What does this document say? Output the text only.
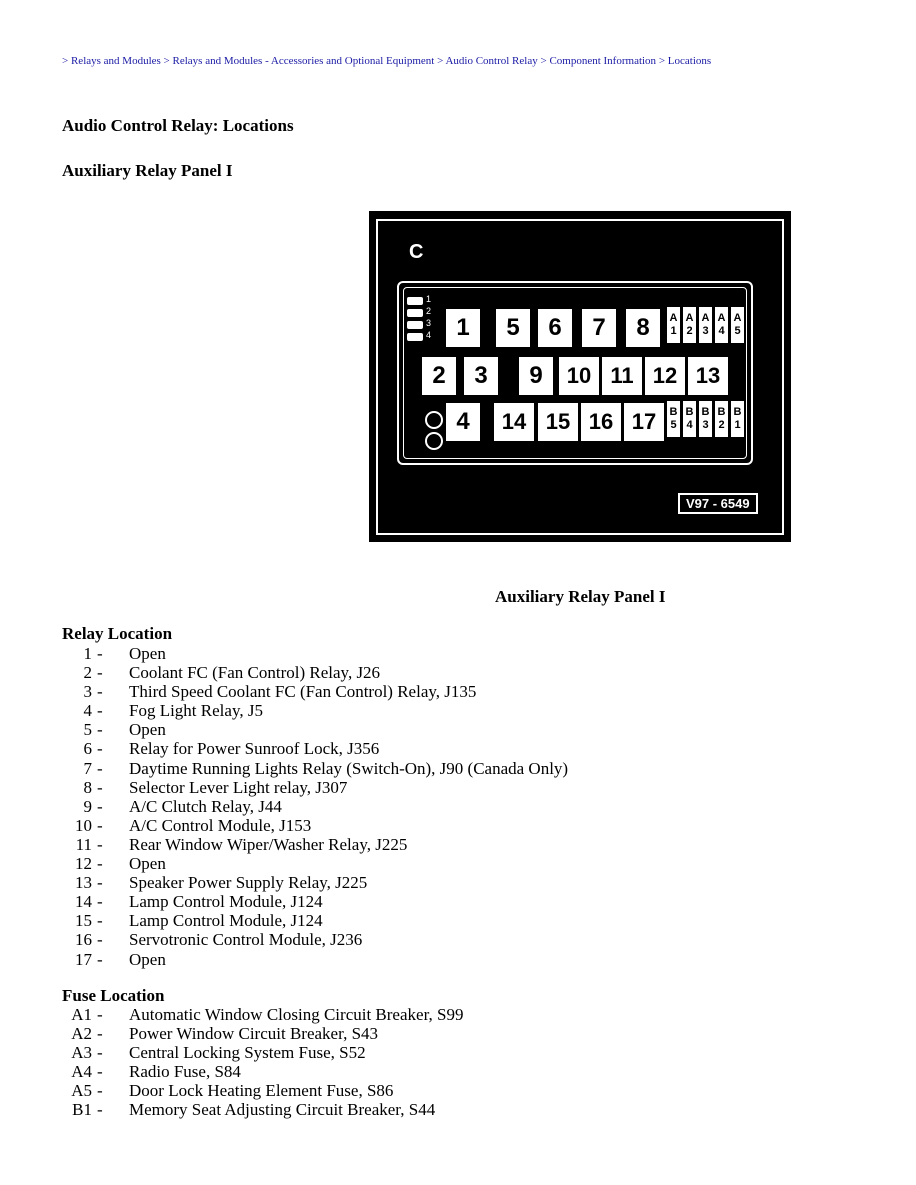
> Relays and Modules > Relays and Modules - Accessories and Optional Equipment > Audio Control Relay > Component Information > Locations
Audio Control Relay: Locations
Auxiliary Relay Panel I
C
1
2
3
4	1	5	6	7	8
2	3	9	10 11 12 13
4	14 15 16 17
A
1
A
2
A
3
A
4
A
5
B
5
B
4
B
3
B
2
B
1
V97 - 6549
Auxiliary Relay Panel I
Relay Location
1 - Open
2 - Coolant FC (Fan Control) Relay, J26
3 - Third Speed Coolant FC (Fan Control) Relay, J135
4 - Fog Light Relay, J5
5 - Open
6 - Relay for Power Sunroof Lock, J356
7 - Daytime Running Lights Relay (Switch-On), J90 (Canada Only)
8 - Selector Lever Light relay, J307
9 - A/C Clutch Relay, J44
10 - A/C Control Module, J153
11 - Rear Window Wiper/Washer Relay, J225
12 - Open
13 - Speaker Power Supply Relay, J225
14 - Lamp Control Module, J124
15 - Lamp Control Module, J124
16 - Servotronic Control Module, J236
17 - Open
Fuse Location
A1 - Automatic Window Closing Circuit Breaker, S99
A2 - Power Window Circuit Breaker, S43
A3 - Central Locking System Fuse, S52
A4 - Radio Fuse, S84
A5 - Door Lock Heating Element Fuse, S86
B1 - Memory Seat Adjusting Circuit Breaker, S44
